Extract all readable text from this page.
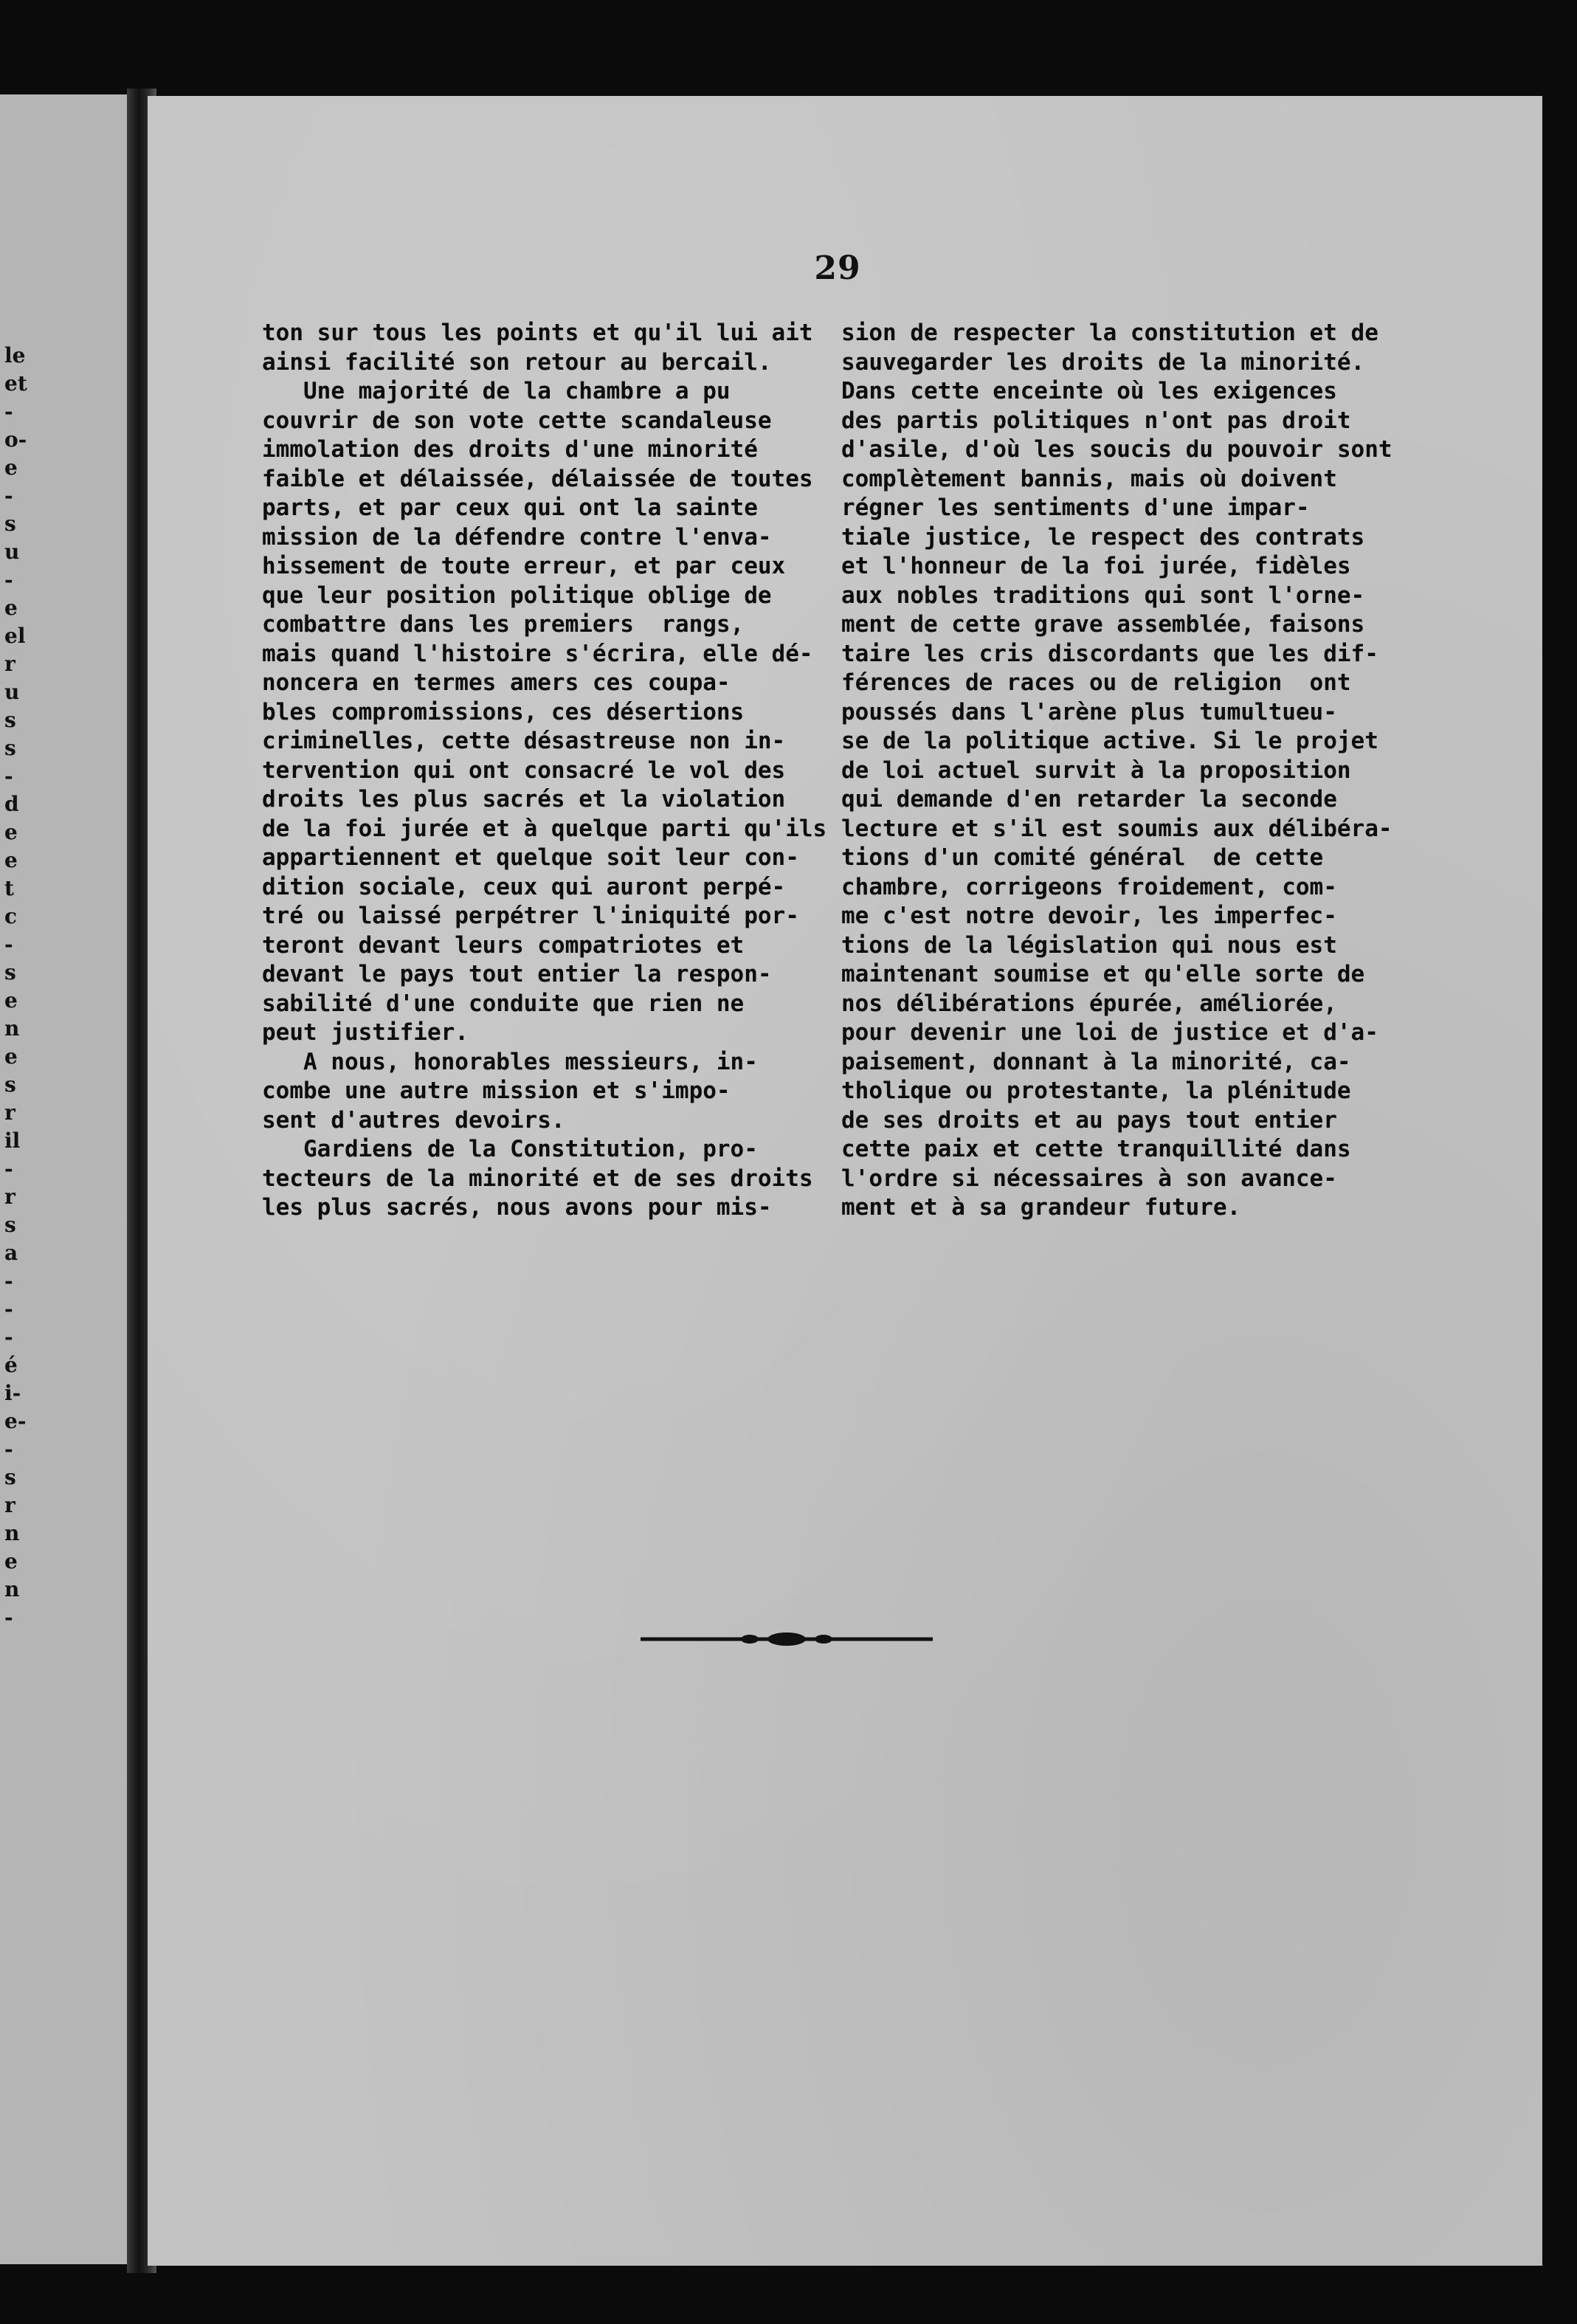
le
et
-
o-
e
-
s
u
-
e
el
r
u
s
s
-
d
e
e
t
c
-
s
e
n
e
s
r
il
-
r
s
a
-
-
-
é
i-
e-
-
s
r
n
e
n
-
29
ton sur tous les points et qu'il lui ait
ainsi facilité son retour au bercail.
Une majorité de la chambre a pu
couvrir de son vote cette scandaleuse
immolation des droits d'une minorité
faible et délaissée, délaissée de toutes
parts, et par ceux qui ont la sainte
mission de la défendre contre l'enva-
hissement de toute erreur, et par ceux
que leur position politique oblige de
combattre dans les premiers  rangs,
mais quand l'histoire s'écrira, elle dé-
noncera en termes amers ces coupa-
bles compromissions, ces désertions
criminelles, cette désastreuse non in-
tervention qui ont consacré le vol des
droits les plus sacrés et la violation
de la foi jurée et à quelque parti qu'ils
appartiennent et quelque soit leur con-
dition sociale, ceux qui auront perpé-
tré ou laissé perpétrer l'iniquité por-
teront devant leurs compatriotes et
devant le pays tout entier la respon-
sabilité d'une conduite que rien ne
peut justifier.
A nous, honorables messieurs, in-
combe une autre mission et s'impo-
sent d'autres devoirs.
Gardiens de la Constitution, pro-
tecteurs de la minorité et de ses droits
les plus sacrés, nous avons pour mis-
sion de respecter la constitution et de
sauvegarder les droits de la minorité.
Dans cette enceinte où les exigences
des partis politiques n'ont pas droit
d'asile, d'où les soucis du pouvoir sont
complètement bannis, mais où doivent
régner les sentiments d'une impar-
tiale justice, le respect des contrats
et l'honneur de la foi jurée, fidèles
aux nobles traditions qui sont l'orne-
ment de cette grave assemblée, faisons
taire les cris discordants que les dif-
férences de races ou de religion  ont
poussés dans l'arène plus tumultueu-
se de la politique active. Si le projet
de loi actuel survit à la proposition
qui demande d'en retarder la seconde
lecture et s'il est soumis aux délibéra-
tions d'un comité général  de cette
chambre, corrigeons froidement, com-
me c'est notre devoir, les imperfec-
tions de la législation qui nous est
maintenant soumise et qu'elle sorte de
nos délibérations épurée, améliorée,
pour devenir une loi de justice et d'a-
paisement, donnant à la minorité, ca-
tholique ou protestante, la plénitude
de ses droits et au pays tout entier
cette paix et cette tranquillité dans
l'ordre si nécessaires à son avance-
ment et à sa grandeur future.
